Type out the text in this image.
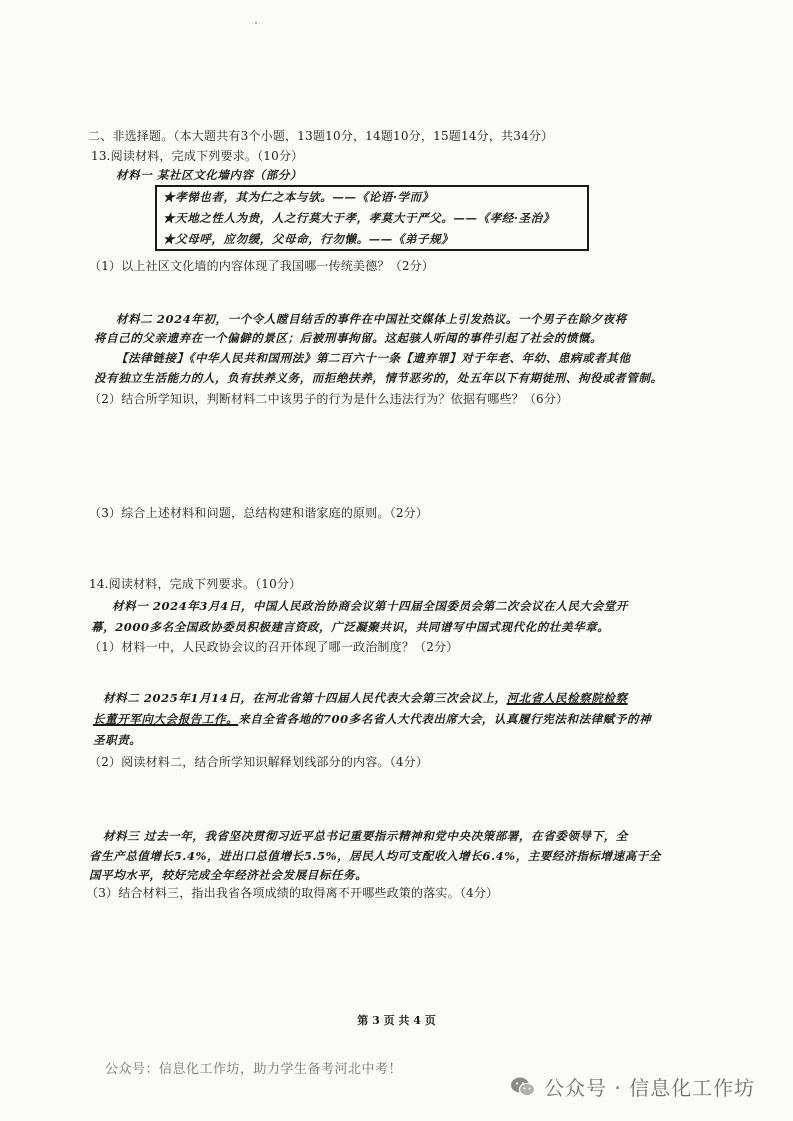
二、非选择题。（本大题共有3个小题，13题10分，14题10分，15题14分，共34分）
13.阅读材料，完成下列要求。（10分）
材料一 某社区文化墙内容（部分）
★孝悌也者，其为仁之本与欤。——《论语·学而》
★天地之性人为贵，人之行莫大于孝，孝莫大于严父。——《孝经·圣治》
★父母呼，应勿缓，父母命，行勿懒。——《弟子规》
（1）以上社区文化墙的内容体现了我国哪一传统美德？（2分）
材料二 2024年初，一个令人瞠目结舌的事件在中国社交媒体上引发热议。一个男子在除夕夜将
将自己的父亲遗弃在一个偏僻的景区；后被刑事拘留。这起骇人听闻的事件引起了社会的愤慨。
【法律链接】《中华人民共和国刑法》第二百六十一条【遗弃罪】对于年老、年幼、患病或者其他
没有独立生活能力的人，负有扶养义务，而拒绝扶养，情节恶劣的，处五年以下有期徒刑、拘役或者管制。
（2）结合所学知识，判断材料二中该男子的行为是什么违法行为？依据有哪些？（6分）
（3）综合上述材料和问题，总结构建和谐家庭的原则。（2分）
14.阅读材料，完成下列要求。（10分）
材料一 2024年3月4日，中国人民政治协商会议第十四届全国委员会第二次会议在人民大会堂开
幕，2000多名全国政协委员积极建言资政，广泛凝聚共识，共同谱写中国式现代化的壮美华章。
（1）材料一中，人民政协会议的召开体现了哪一政治制度？（2分）
材料二 2025年1月14日，在河北省第十四届人民代表大会第三次会议上，河北省人民检察院检察
长董开军向大会报告工作。来自全省各地的700多名省人大代表出席大会，认真履行宪法和法律赋予的神
圣职责。
（2）阅读材料二，结合所学知识解释划线部分的内容。（4分）
材料三 过去一年，我省坚决贯彻习近平总书记重要指示精神和党中央决策部署，在省委领导下，全
省生产总值增长5.4%，进出口总值增长5.5%，居民人均可支配收入增长6.4%，主要经济指标增速高于全
国平均水平，较好完成全年经济社会发展目标任务。
（3）结合材料三，指出我省各项成绩的取得离不开哪些政策的落实。（4分）
第 3 页 共 4 页
公众号：信息化工作坊，助力学生备考河北中考！
公众号 · 信息化工作坊
